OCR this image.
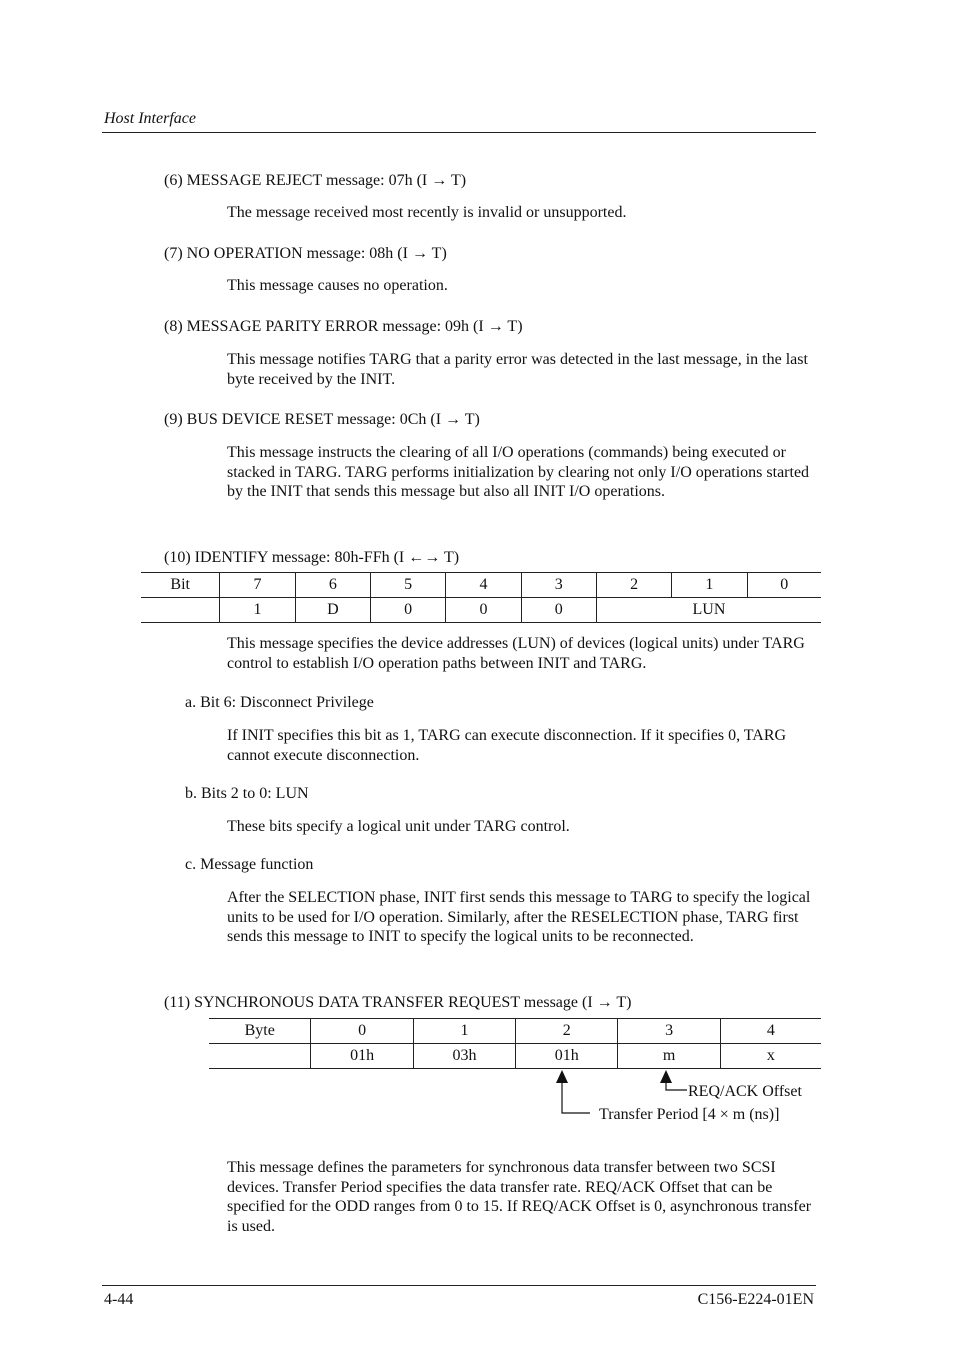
Host Interface
(6) MESSAGE REJECT message: 07h (I → T)
The message received most recently is invalid or unsupported.
(7) NO OPERATION message: 08h (I → T)
This message causes no operation.
(8) MESSAGE PARITY ERROR message: 09h (I → T)
This message notifies TARG that a parity error was detected in the last message, in the last byte received by the INIT.
(9) BUS DEVICE RESET message: 0Ch (I → T)
This message instructs the clearing of all I/O operations (commands) being executed or stacked in TARG. TARG performs initialization by clearing not only I/O operations started by the INIT that sends this message but also all INIT I/O operations.
(10) IDENTIFY message: 80h-FFh (I ←→ T)
Bit	7	6	5	4	3	2	1	0
	1	D	0	0	0	LUN		
This message specifies the device addresses (LUN) of devices (logical units) under TARG control to establish I/O operation paths between INIT and TARG.
a. Bit 6: Disconnect Privilege
If INIT specifies this bit as 1, TARG can execute disconnection. If it specifies 0, TARG cannot execute disconnection.
b. Bits 2 to 0: LUN
These bits specify a logical unit under TARG control.
c. Message function
After the SELECTION phase, INIT first sends this message to TARG to specify the logical units to be used for I/O operation. Similarly, after the RESELECTION phase, TARG first sends this message to INIT to specify the logical units to be reconnected.
(11) SYNCHRONOUS DATA TRANSFER REQUEST message (I → T)
Byte	0	1	2	3	4
	01h	03h	01h	m	x
REQ/ACK Offset
Transfer Period [4 × m (ns)]
This message defines the parameters for synchronous data transfer between two SCSI devices. Transfer Period specifies the data transfer rate. REQ/ACK Offset that can be specified for the ODD ranges from 0 to 15. If REQ/ACK Offset is 0, asynchronous transfer is used.
4-44	C156-E224-01EN
